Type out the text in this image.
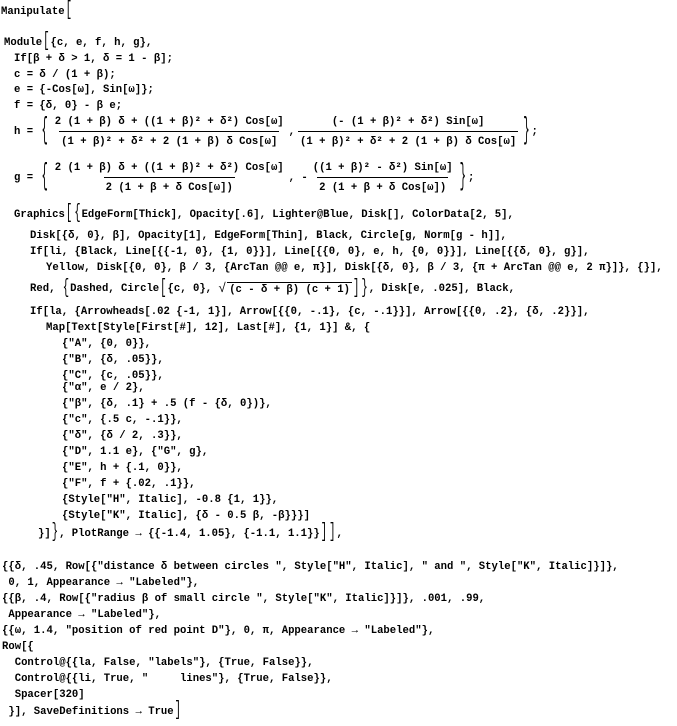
Manipulate[
Module[{c, e, f, h, g},
If[β + δ > 1, δ = 1 - β];
c = δ / (1 + β);
e = {-Cos[ω], Sin[ω]};
f = {δ, 0} - β e;
h = { $\frac{\text{2 (1 + β) δ + ((1 + β)² + δ²) Cos[ω]}}{\text{(1 + β)² + δ² + 2 (1 + β) δ Cos[ω]}}$ , $\frac{\text{(- (1 + β)² + δ²) Sin[ω]}}{\text{(1 + β)² + δ² + 2 (1 + β) δ Cos[ω]}}$ } ;
g = { $\frac{\text{2 (1 + β) δ + ((1 + β)² + δ²) Cos[ω]}}{\text{2 (1 + β + δ Cos[ω])}}$ , - $\frac{\text{((1 + β)² - δ²) Sin[ω]}}{\text{2 (1 + β + δ Cos[ω])}}$ } ;
Graphics[ {EdgeForm[Thick], Opacity[.6], Lighter@Blue, Disk[], ColorData[2, 5],
Disk[{δ, 0}, β], Opacity[1], EdgeForm[Thin], Black, Circle[g, Norm[g - h]],
If[li, {Black, Line[{{-1, 0}, {1, 0}}], Line[{{0, 0}, e, h, {0, 0}}], Line[{{δ, 0}, g}],
Yellow, Disk[{0, 0}, β / 3, {ArcTan @@ e, π}], Disk[{δ, 0}, β / 3, {π + ArcTan @@ e, 2 π}]}, {}],
Red, { Dashed, Circle [ {c, 0}, √ (c - δ + β) (c + 1) ] } , Disk[e, .025], Black,
If[la, {Arrowheads[.02 {-1, 1}], Arrow[{{0, -.1}, {c, -.1}}], Arrow[{{0, .2}, {δ, .2}}],
Map[Text[Style[First[#], 12], Last[#], {1, 1}] &, {
{"A", {0, 0}},
{"B", {δ, .05}},
{"C", {c, .05}},
{"α", e / 2},
{"β", {δ, .1} + .5 (f - {δ, 0})},
{"c", {.5 c, -.1}},
{"δ", {δ / 2, .3}},
{"D", 1.1 e}, {"G", g},
{"E", h + {.1, 0}},
{"F", f + {.02, .1}},
{Style["H", Italic], -0.8 {1, 1}},
{Style["K", Italic], {δ - 0.5 β, -β}}}]
}]}, PlotRange → {{-1.4, 1.05}, {-1.1, 1.1}}] ],
{{δ, .45, Row[{"distance δ between circles ", Style["H", Italic], " and ", Style["K", Italic]}]},
0, 1, Appearance → "Labeled"},
{{β, .4, Row[{"radius β of small circle ", Style["K", Italic]}]}, .001, .99,
Appearance → "Labeled"},
{{ω, 1.4, "position of red point D"}, 0, π, Appearance → "Labeled"},
Row[{
Control@{{la, False, "labels"}, {True, False}},
Control@{{li, True, "     lines"}, {True, False}},
Spacer[320]
}], SaveDefinitions → True]
